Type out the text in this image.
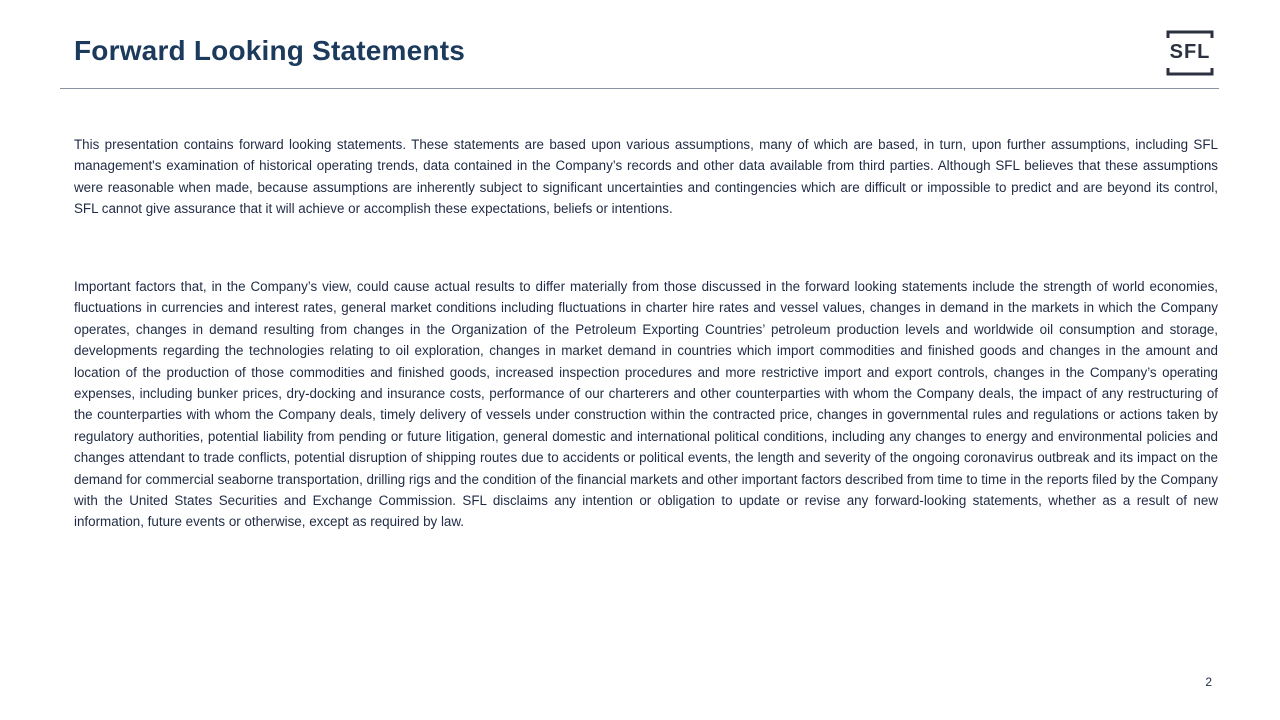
Forward Looking Statements	SFL

This presentation contains forward looking statements. These statements are based upon various assumptions, many of which are based, in turn, upon further assumptions, including SFL management's examination of historical operating trends, data contained in the Company’s records and other data available from third parties. Although SFL believes that these assumptions were reasonable when made, because assumptions are inherently subject to significant uncertainties and contingencies which are difficult or impossible to predict and are beyond its control, SFL cannot give assurance that it will achieve or accomplish these expectations, beliefs or intentions.

Important factors that, in the Company’s view, could cause actual results to differ materially from those discussed in the forward looking statements include the strength of world economies, fluctuations in currencies and interest rates, general market conditions including fluctuations in charter hire rates and vessel values, changes in demand in the markets in which the Company operates, changes in demand resulting from changes in the Organization of the Petroleum Exporting Countries’ petroleum production levels and worldwide oil consumption and storage, developments regarding the technologies relating to oil exploration, changes in market demand in countries which import commodities and finished goods and changes in the amount and location of the production of those commodities and finished goods, increased inspection procedures and more restrictive import and export controls, changes in the Company’s operating expenses, including bunker prices, dry-docking and insurance costs, performance of our charterers and other counterparties with whom the Company deals, the impact of any restructuring of the counterparties with whom the Company deals, timely delivery of vessels under construction within the contracted price, changes in governmental rules and regulations or actions taken by regulatory authorities, potential liability from pending or future litigation, general domestic and international political conditions, including any changes to energy and environmental policies and changes attendant to trade conflicts, potential disruption of shipping routes due to accidents or political events, the length and severity of the ongoing coronavirus outbreak and its impact on the demand for commercial seaborne transportation, drilling rigs and the condition of the financial markets and other important factors described from time to time in the reports filed by the Company with the United States Securities and Exchange Commission. SFL disclaims any intention or obligation to update or revise any forward-looking statements, whether as a result of new information, future events or otherwise, except as required by law.

2
